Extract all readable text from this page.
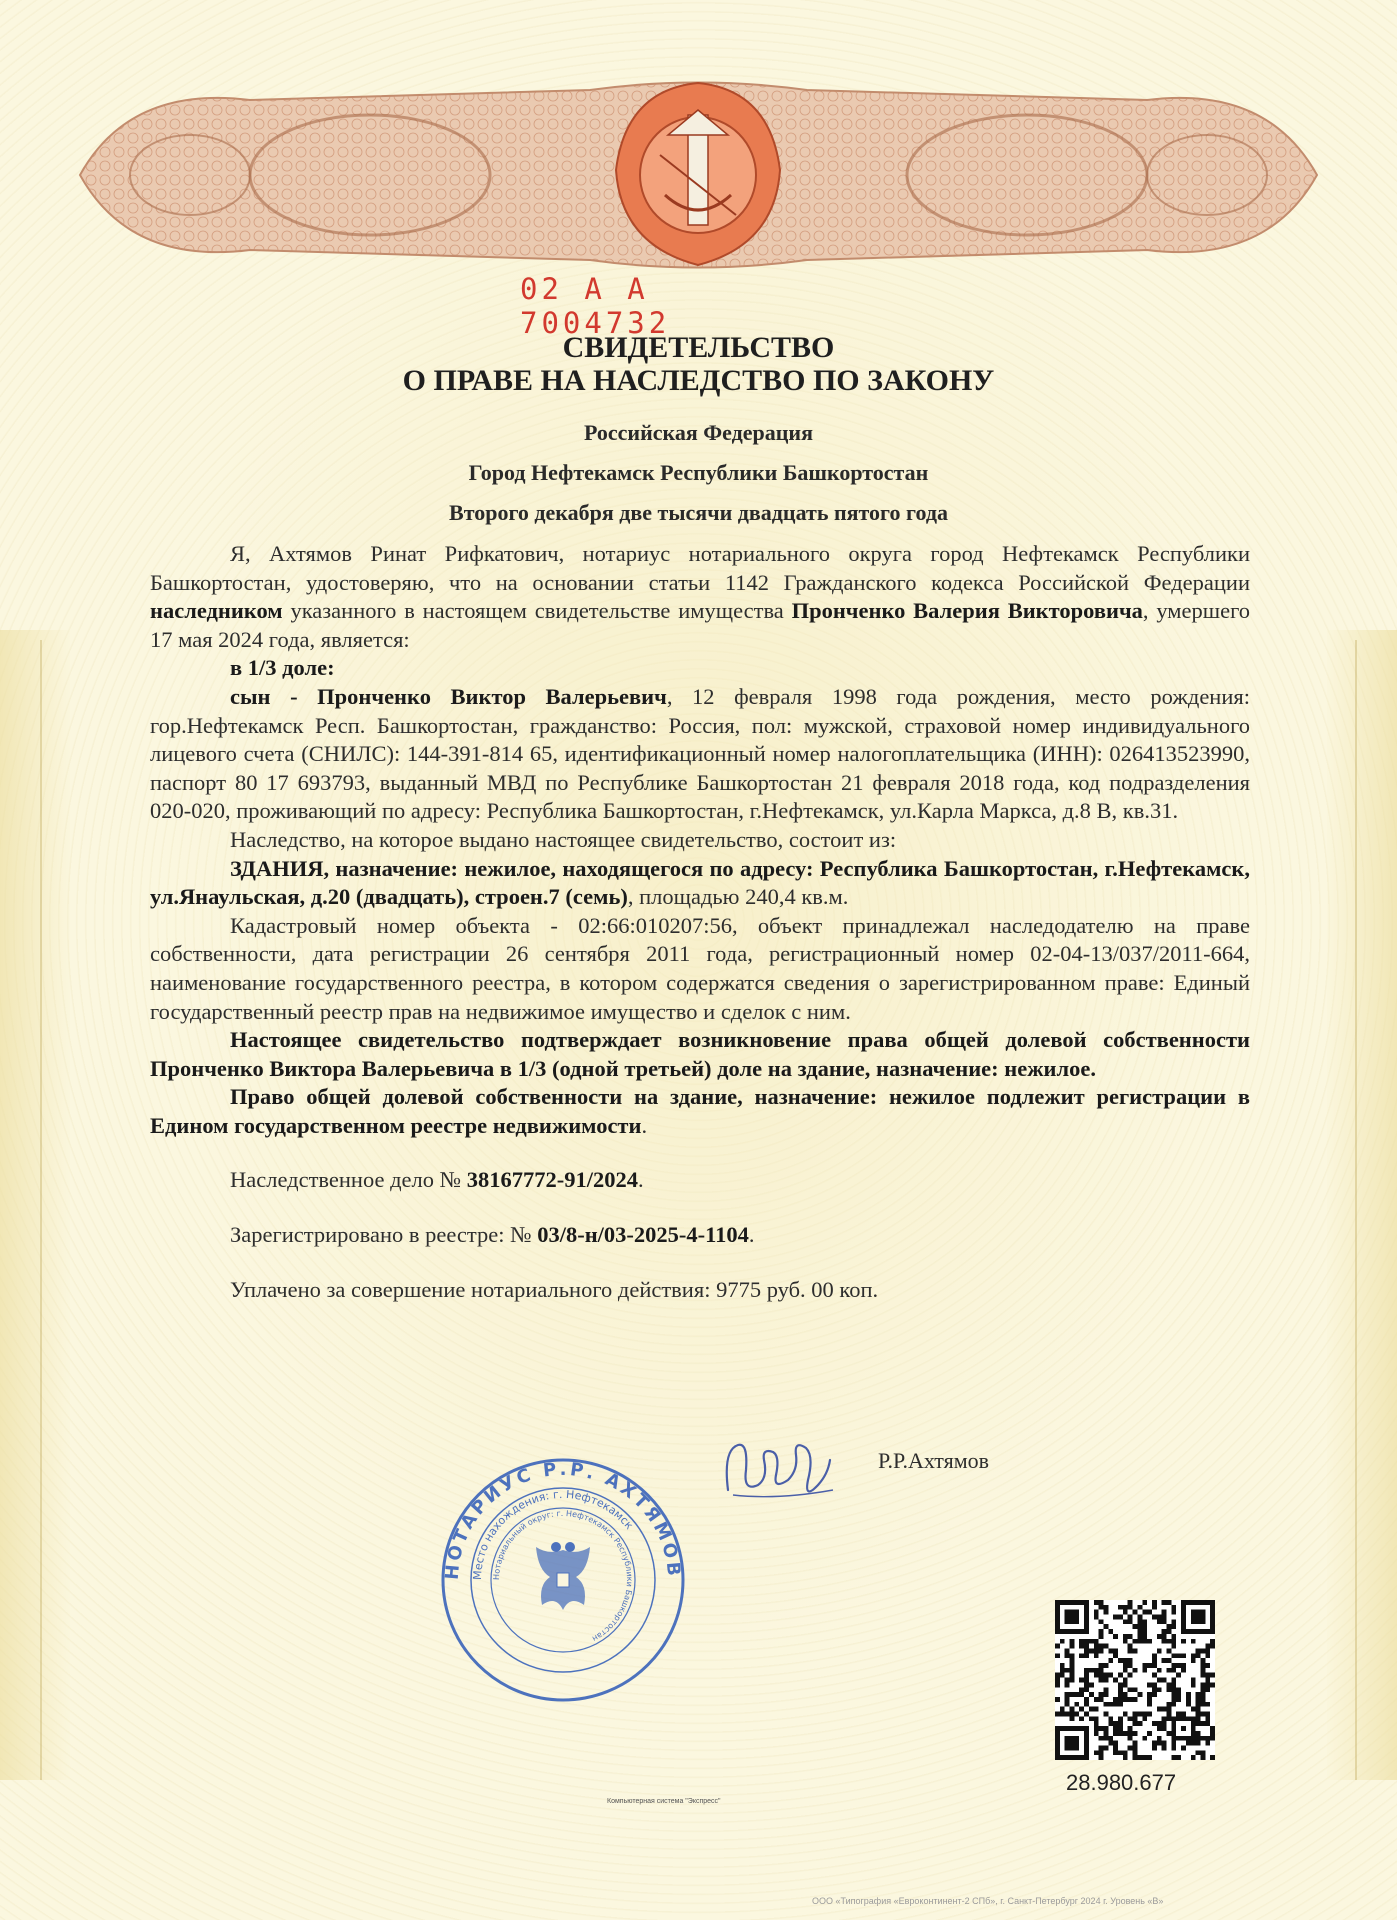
02 А А 7004732
СВИДЕТЕЛЬСТВО
О ПРАВЕ НА НАСЛЕДСТВО ПО ЗАКОНУ
Российская Федерация
Город Нефтекамск Республики Башкортостан
Второго декабря две тысячи двадцать пятого года

Я, Ахтямов Ринат Рифкатович, нотариус нотариального округа город Нефтекамск Республики Башкортостан, удостоверяю, что на основании статьи 1142 Гражданского кодекса Российской Федерации наследником указанного в настоящем свидетельстве имущества Пронченко Валерия Викторовича, умершего 17 мая 2024 года, является:

в 1/3 доле:

сын - Пронченко Виктор Валерьевич, 12 февраля 1998 года рождения, место рождения: гор.Нефтекамск Респ. Башкортостан, гражданство: Россия, пол: мужской, страховой номер индивидуального лицевого счета (СНИЛС): 144-391-814 65, идентификационный номер налогоплательщика (ИНН): 026413523990, паспорт 80 17 693793, выданный МВД по Республике Башкортостан 21 февраля 2018 года, код подразделения 020-020, проживающий по адресу: Республика Башкортостан, г.Нефтекамск, ул.Карла Маркса, д.8 В, кв.31.

Наследство, на которое выдано настоящее свидетельство, состоит из:

ЗДАНИЯ, назначение: нежилое, находящегося по адресу: Республика Башкортостан, г.Нефтекамск, ул.Янаульская, д.20 (двадцать), строен.7 (семь), площадью 240,4 кв.м.

Кадастровый номер объекта - 02:66:010207:56, объект принадлежал наследодателю на праве собственности, дата регистрации 26 сентября 2011 года, регистрационный номер 02-04-13/037/2011-664, наименование государственного реестра, в котором содержатся сведения о зарегистрированном праве: Единый государственный реестр прав на недвижимое имущество и сделок с ним.

Настоящее свидетельство подтверждает возникновение права общей долевой собственности Пронченко Виктора Валерьевича в 1/3 (одной третьей) доле на здание, назначение: нежилое.

Право общей долевой собственности на здание, назначение: нежилое подлежит регистрации в Едином государственном реестре недвижимости.

Наследственное дело № 38167772-91/2024.

Зарегистрировано в реестре: № 03/8-н/03-2025-4-1104.

Уплачено за совершение нотариального действия: 9775 руб. 00 коп.

Р.Р.Ахтямов
НОТАРИУС Р.Р. АХТЯМОВ
Место нахождения: г. Нефтекамск
Нотариальный округ: г. Нефтекамск Республики Башкортостан
28.980.677
Компьютерная система "Экспресс"
ООО «Типография «Евроконтинент-2 СПб», г. Санкт-Петербург 2024 г. Уровень «В»
